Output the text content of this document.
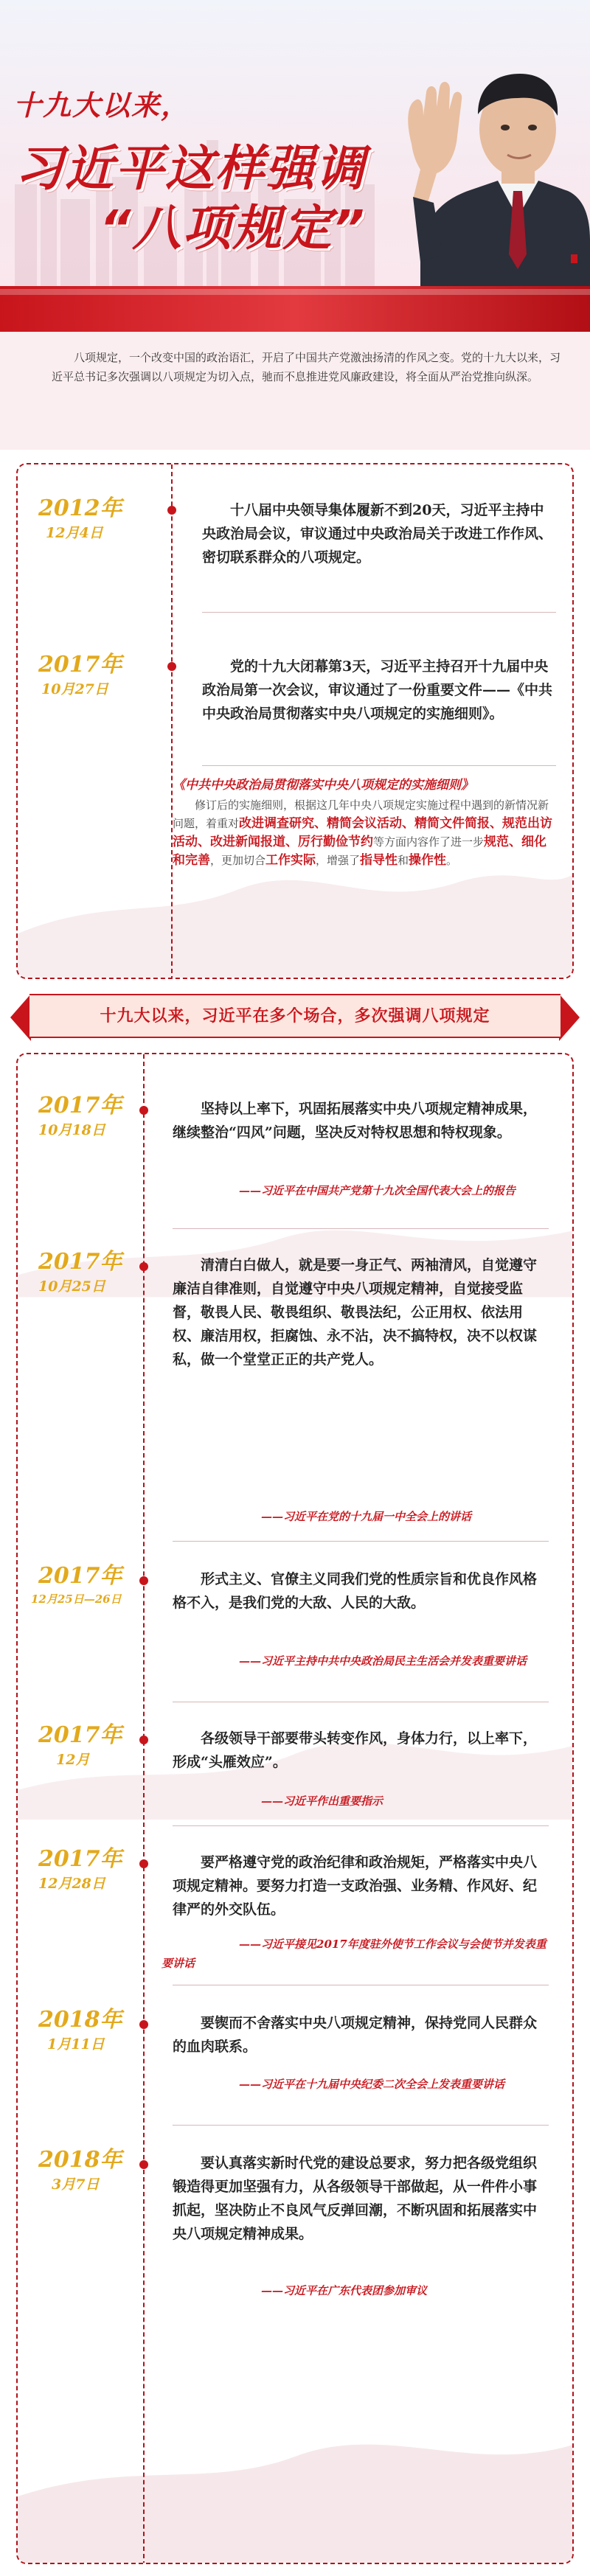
十九大以来，
习近平这样强调
“八项规定”

八项规定，一个改变中国的政治语汇，开启了中国共产党激浊扬清的作风之变。党的十九大以来，习近平总书记多次强调以八项规定为切入点，驰而不息推进党风廉政建设，将全面从严治党推向纵深。

2012年
12月4日
十八届中央领导集体履新不到20天，习近平主持中央政治局会议，审议通过中央政治局关于改进工作作风、密切联系群众的八项规定。
2017年
10月27日
党的十九大闭幕第3天，习近平主持召开十九届中央政治局第一次会议，审议通过了一份重要文件——《中共中央政治局贯彻落实中央八项规定的实施细则》。
《中共中央政治局贯彻落实中央八项规定的实施细则》
修订后的实施细则，根据这几年中央八项规定实施过程中遇到的新情况新问题，着重对改进调查研究、精简会议活动、精简文件简报、规范出访活动、改进新闻报道、厉行勤俭节约等方面内容作了进一步规范、细化和完善，更加切合工作实际，增强了指导性和操作性。
十九大以来，习近平在多个场合，多次强调八项规定
2017年
10月18日
坚持以上率下，巩固拓展落实中央八项规定精神成果，继续整治“四风”问题，坚决反对特权思想和特权现象。
——习近平在中国共产党第十九次全国代表大会上的报告
2017年
10月25日
清清白白做人，就是要一身正气、两袖清风，自觉遵守廉洁自律准则，自觉遵守中央八项规定精神，自觉接受监督，敬畏人民、敬畏组织、敬畏法纪，公正用权、依法用权、廉洁用权，拒腐蚀、永不沾，决不搞特权，决不以权谋私，做一个堂堂正正的共产党人。
——习近平在党的十九届一中全会上的讲话
2017年
12月25日—26日
形式主义、官僚主义同我们党的性质宗旨和优良作风格格不入，是我们党的大敌、人民的大敌。
——习近平主持中共中央政治局民主生活会并发表重要讲话
2017年
12月
各级领导干部要带头转变作风，身体力行，以上率下，形成“头雁效应”。
——习近平作出重要指示
2017年
12月28日
要严格遵守党的政治纪律和政治规矩，严格落实中央八项规定精神。要努力打造一支政治强、业务精、作风好、纪律严的外交队伍。
——习近平接见2017年度驻外使节工作会议与会使节并发表重要讲话
2018年
1月11日
要锲而不舍落实中央八项规定精神，保持党同人民群众的血肉联系。
——习近平在十九届中央纪委二次全会上发表重要讲话
2018年
3月7日
要认真落实新时代党的建设总要求，努力把各级党组织锻造得更加坚强有力，从各级领导干部做起，从一件件小事抓起，坚决防止不良风气反弹回潮，不断巩固和拓展落实中央八项规定精神成果。
——习近平在广东代表团参加审议
